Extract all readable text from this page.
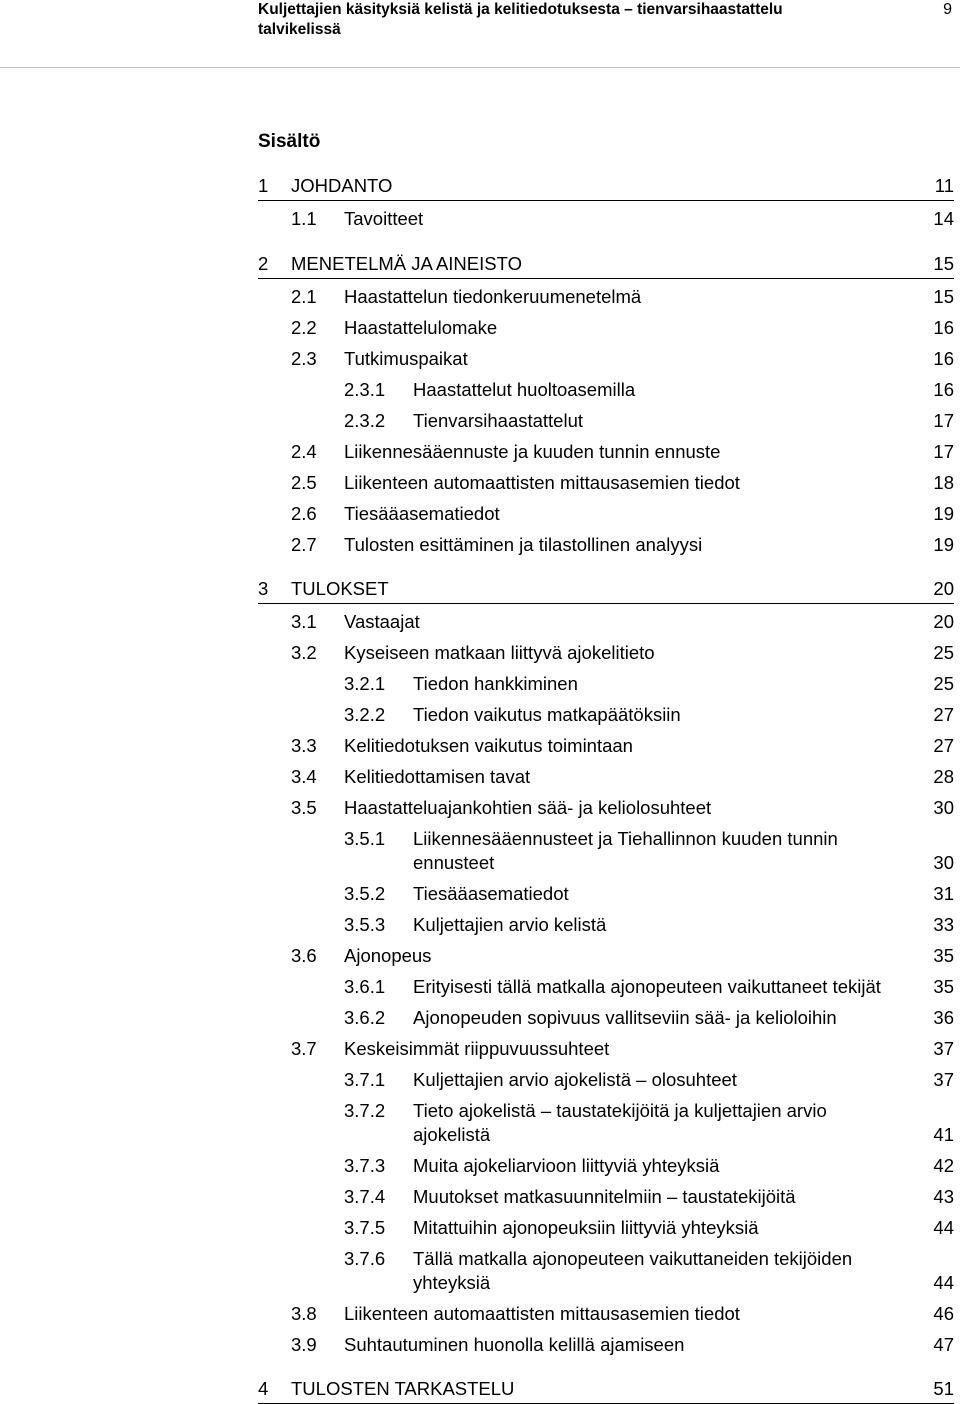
Kuljettajien käsityksiä kelistä ja kelitiedotuksesta – tienvarsihaastattelu
talvikelissä
9
Sisältö
1 JOHDANTO	11
1.1 Tavoitteet	14
2 MENETELMÄ JA AINEISTO	15
2.1 Haastattelun tiedonkeruumenetelmä	15
2.2 Haastattelulomake	16
2.3 Tutkimuspaikat	16
2.3.1 Haastattelut huoltoasemilla	16
2.3.2 Tienvarsihaastattelut	17
2.4 Liikennesääennuste ja kuuden tunnin ennuste	17
2.5 Liikenteen automaattisten mittausasemien tiedot	18
2.6 Tiesääasematiedot	19
2.7 Tulosten esittäminen ja tilastollinen analyysi	19
3 TULOKSET	20
3.1 Vastaajat	20
3.2 Kyseiseen matkaan liittyvä ajokelitieto	25
3.2.1 Tiedon hankkiminen	25
3.2.2 Tiedon vaikutus matkapäätöksiin	27
3.3 Kelitiedotuksen vaikutus toimintaan	27
3.4 Kelitiedottamisen tavat	28
3.5 Haastatteluajankohtien sää- ja keliolosuhteet	30
3.5.1 Liikennesääennusteet ja Tiehallinnon kuuden tunnin
ennusteet	30
3.5.2 Tiesääasematiedot	31
3.5.3 Kuljettajien arvio kelistä	33
3.6 Ajonopeus	35
3.6.1 Erityisesti tällä matkalla ajonopeuteen vaikuttaneet tekijät	35
3.6.2 Ajonopeuden sopivuus vallitseviin sää- ja kelioloihin	36
3.7 Keskeisimmät riippuvuussuhteet	37
3.7.1 Kuljettajien arvio ajokelistä – olosuhteet	37
3.7.2 Tieto ajokelistä – taustatekijöitä ja kuljettajien arvio
ajokelistä	41
3.7.3 Muita ajokeliarvioon liittyviä yhteyksiä	42
3.7.4 Muutokset matkasuunnitelmiin – taustatekijöitä	43
3.7.5 Mitattuihin ajonopeuksiin liittyviä yhteyksiä	44
3.7.6 Tällä matkalla ajonopeuteen vaikuttaneiden tekijöiden
yhteyksiä	44
3.8 Liikenteen automaattisten mittausasemien tiedot	46
3.9 Suhtautuminen huonolla kelillä ajamiseen	47
4 TULOSTEN TARKASTELU	51
